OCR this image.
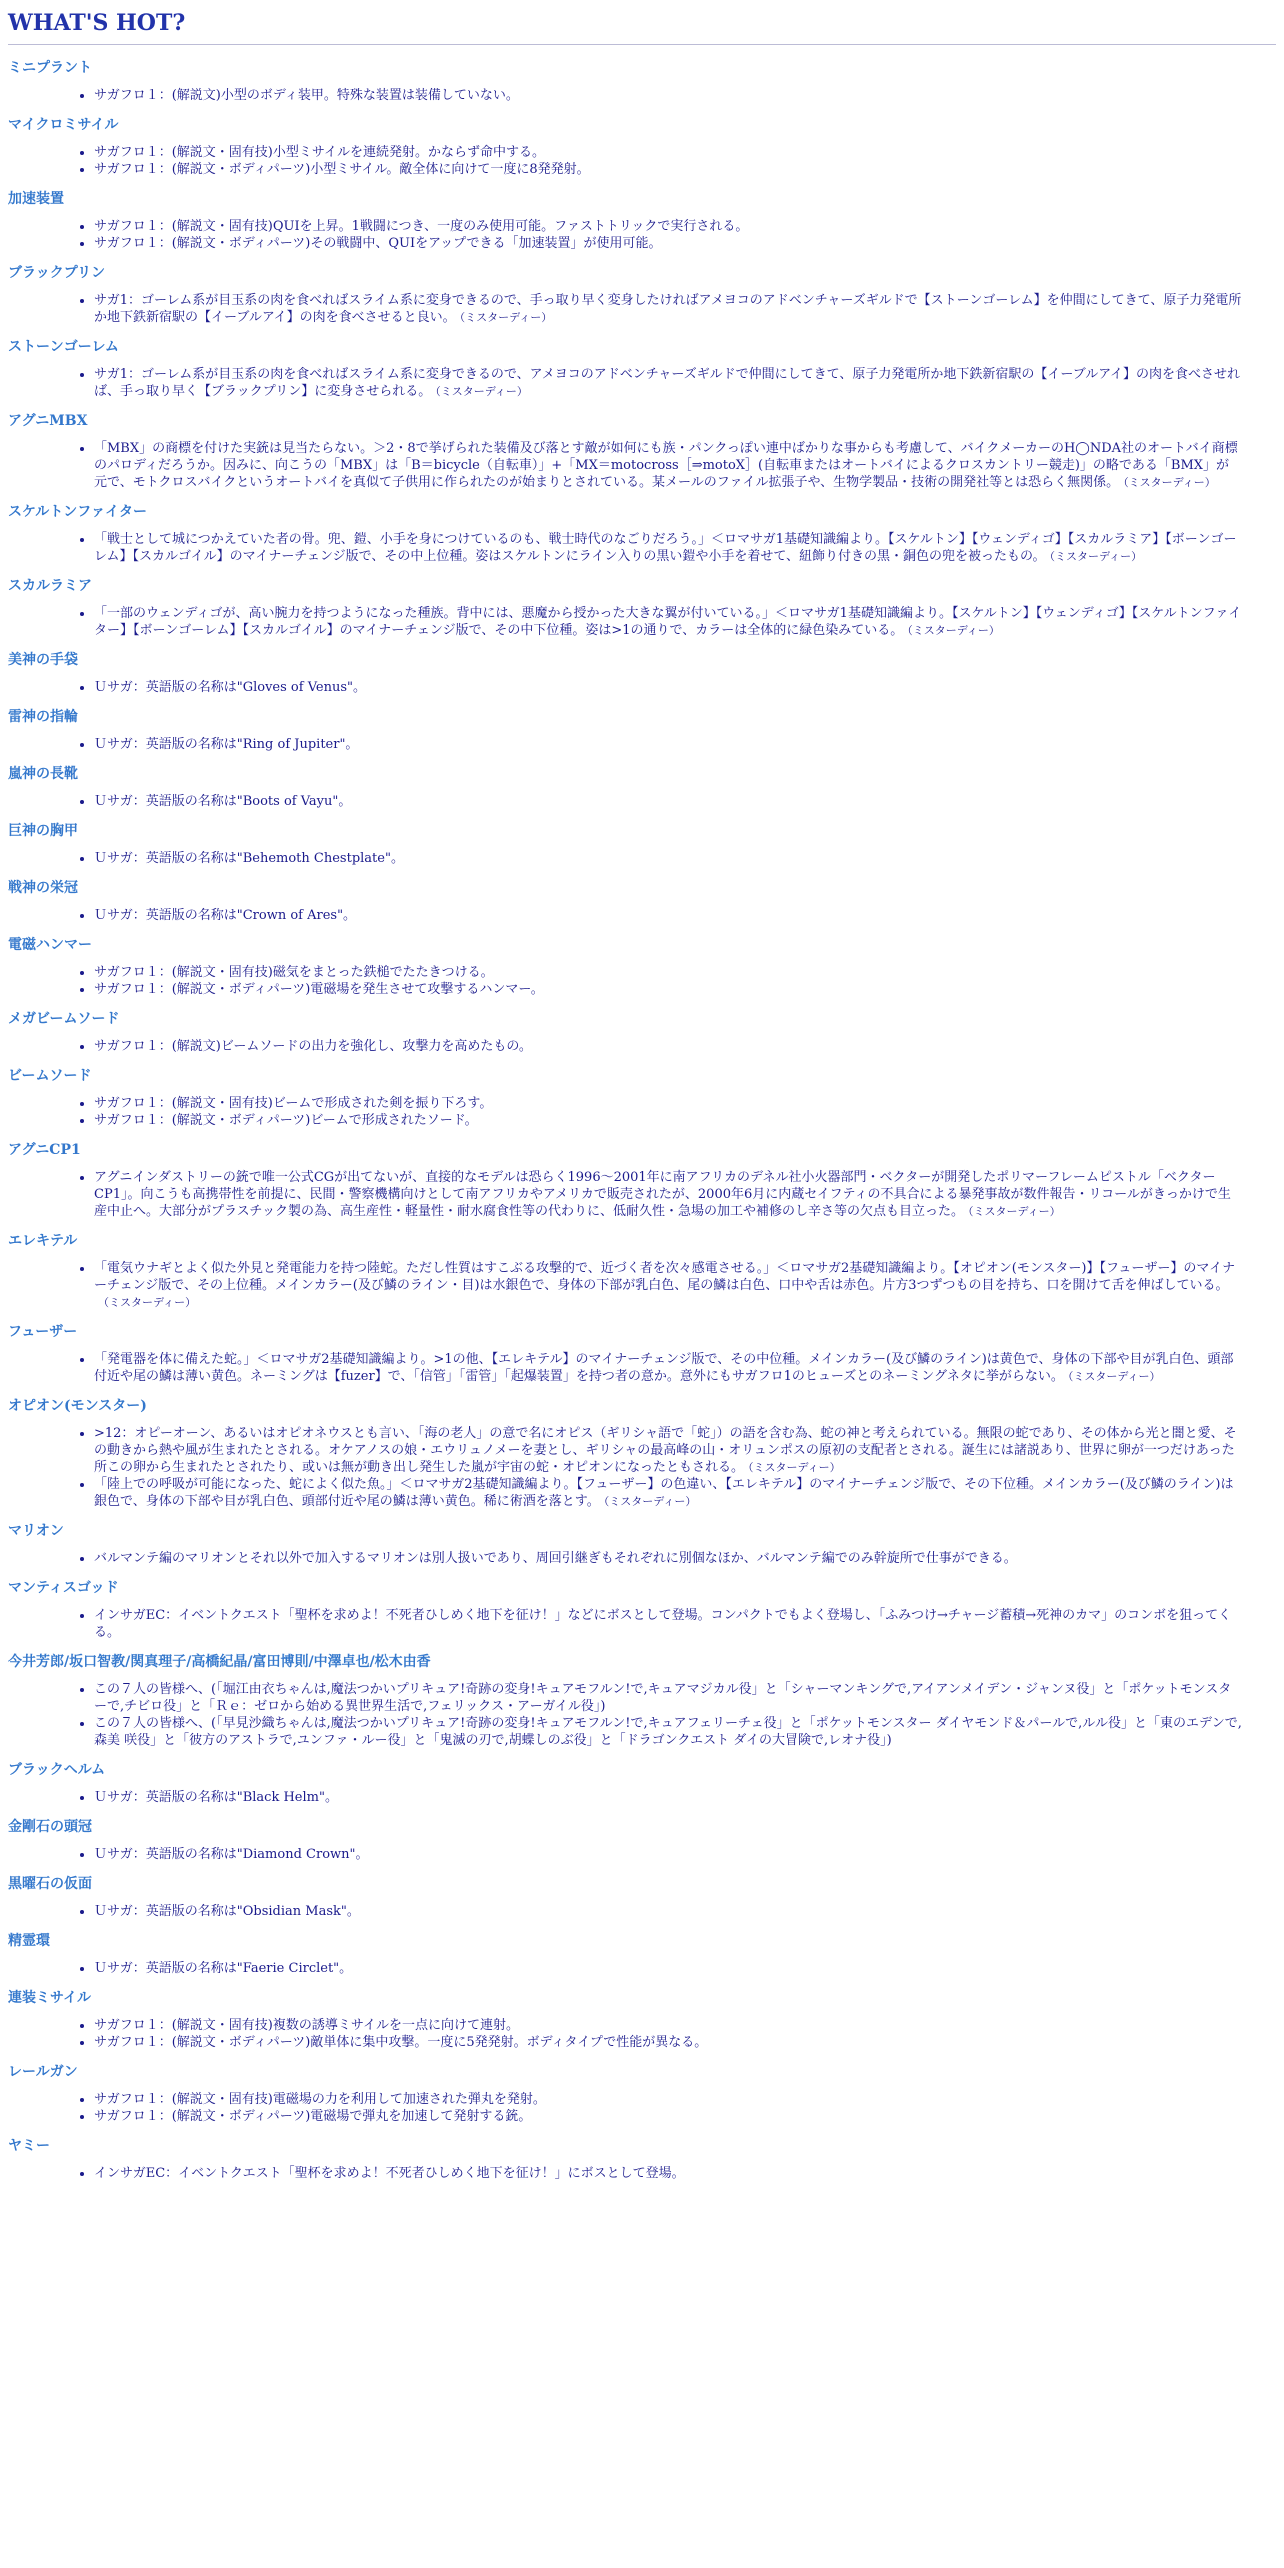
WHAT'S HOT?
ミニプラント
• サガフロ１：(解説文)小型のボディ装甲。特殊な装置は装備していない。
マイクロミサイル
• サガフロ１：(解説文・固有技)小型ミサイルを連続発射。かならず命中する。
• サガフロ１：(解説文・ボディパーツ)小型ミサイル。敵全体に向けて一度に8発発射。
加速装置
• サガフロ１：(解説文・固有技)QUIを上昇。1戦闘につき、一度のみ使用可能。ファストトリックで実行される。
• サガフロ１：(解説文・ボディパーツ)その戦闘中、QUIをアップできる「加速装置」が使用可能。
ブラックプリン
• サガ1：ゴーレム系が目玉系の肉を食べればスライム系に変身できるので、手っ取り早く変身したければアメヨコのアドベンチャーズギルドで【ストーンゴーレム】を仲間にしてきて、原子力発電所か地下鉄新宿駅の【イーブルアイ】の肉を食べさせると良い。 （ミスターディー）
ストーンゴーレム
• サガ1：ゴーレム系が目玉系の肉を食べればスライム系に変身できるので、アメヨコのアドベンチャーズギルドで仲間にしてきて、原子力発電所か地下鉄新宿駅の【イーブルアイ】の肉を食べさせれば、手っ取り早く【ブラックプリン】に変身させられる。 （ミスターディー）
アグニMBX
• 「MBX」の商標を付けた実銃は見当たらない。＞2・8で挙げられた装備及び落とす敵が如何にも族・パンクっぽい連中ばかりな事からも考慮して、バイクメーカーのH◯NDA社のオートバイ商標のパロディだろうか。因みに、向こうの「MBX」は「B＝bicycle（自転車）」+「MX＝motocross［⇒motoX］(自転車またはオートバイによるクロスカントリー競走)」の略である「BMX」が元で、モトクロスバイクというオートバイを真似て子供用に作られたのが始まりとされている。某メールのファイル拡張子や、生物学製品・技術の開発社等とは恐らく無関係。 （ミスターディー）
スケルトンファイター
• 「戦士として城につかえていた者の骨。兜、鎧、小手を身につけているのも、戦士時代のなごりだろう。」＜ロマサガ1基礎知識編より。【スケルトン】【ウェンディゴ】【スカルラミア】【ボーンゴーレム】【スカルゴイル】のマイナーチェンジ版で、その中上位種。姿はスケルトンにライン入りの黒い鎧や小手を着せて、紐飾り付きの黒・銅色の兜を被ったもの。 （ミスターディー）
スカルラミア
• 「一部のウェンディゴが、高い腕力を持つようになった種族。背中には、悪魔から授かった大きな翼が付いている。」＜ロマサガ1基礎知識編より。【スケルトン】【ウェンディゴ】【スケルトンファイター】【ボーンゴーレム】【スカルゴイル】のマイナーチェンジ版で、その中下位種。姿は>1の通りで、カラーは全体的に緑色染みている。 （ミスターディー）
美神の手袋
• Ｕサガ：英語版の名称は"Gloves of Venus"。
雷神の指輪
• Ｕサガ：英語版の名称は"Ring of Jupiter"。
嵐神の長靴
• Ｕサガ：英語版の名称は"Boots of Vayu"。
巨神の胸甲
• Ｕサガ：英語版の名称は"Behemoth Chestplate"。
戦神の栄冠
• Ｕサガ：英語版の名称は"Crown of Ares"。
電磁ハンマー
• サガフロ１：(解説文・固有技)磁気をまとった鉄槌でたたきつける。
• サガフロ１：(解説文・ボディパーツ)電磁場を発生させて攻撃するハンマー。
メガビームソード
• サガフロ１：(解説文)ビームソードの出力を強化し、攻撃力を高めたもの。
ビームソード
• サガフロ１：(解説文・固有技)ビームで形成された剣を振り下ろす。
• サガフロ１：(解説文・ボディパーツ)ビームで形成されたソード。
アグニCP1
• アグニインダストリーの銃で唯一公式CGが出てないが、直接的なモデルは恐らく1996～2001年に南アフリカのデネル社小火器部門・ベクターが開発したポリマーフレームピストル「ベクターCP1」。向こうも高携帯性を前提に、民間・警察機構向けとして南アフリカやアメリカで販売されたが、2000年6月に内蔵セイフティの不具合による暴発事故が数件報告・リコールがきっかけで生産中止へ。大部分がプラスチック製の為、高生産性・軽量性・耐水腐食性等の代わりに、低耐久性・急場の加工や補修のし辛さ等の欠点も目立った。 （ミスターディー）
エレキテル
• 「電気ウナギとよく似た外見と発電能力を持つ陸蛇。ただし性質はすこぶる攻撃的で、近づく者を次々感電させる。」＜ロマサガ2基礎知識編より。【オピオン(モンスター)】【フューザー】のマイナーチェンジ版で、その上位種。メインカラー(及び鱗のライン・目)は水銀色で、身体の下部が乳白色、尾の鱗は白色、口中や舌は赤色。片方3つずつもの目を持ち、口を開けて舌を伸ばしている。（ミスターディー）
フューザー
• 「発電器を体に備えた蛇。」＜ロマサガ2基礎知識編より。>1の他、【エレキテル】のマイナーチェンジ版で、その中位種。メインカラー(及び鱗のライン)は黄色で、身体の下部や目が乳白色、頭部付近や尾の鱗は薄い黄色。ネーミングは【fuzer】で、「信管」「雷管」「起爆装置」を持つ者の意か。意外にもサガフロ1のヒューズとのネーミングネタに挙がらない。 （ミスターディー）
オピオン(モンスター)
• >12：オピーオーン、あるいはオピオネウスとも言い、「海の老人」の意で名にオピス（ギリシャ語で「蛇」）の語を含む為、蛇の神と考えられている。無限の蛇であり、その体から光と闇と愛、その動きから熱や風が生まれたとされる。オケアノスの娘・エウリュノメーを妻とし、ギリシャの最高峰の山・オリュンポスの原初の支配者とされる。誕生には諸説あり、世界に卵が一つだけあった所この卵から生まれたとされたり、或いは無が動き出し発生した嵐が宇宙の蛇・オピオンになったともされる。 （ミスターディー）
• 「陸上での呼吸が可能になった、蛇によく似た魚。」＜ロマサガ2基礎知識編より。【フューザー】の色違い、【エレキテル】のマイナーチェンジ版で、その下位種。メインカラー(及び鱗のライン)は銀色で、身体の下部や目が乳白色、頭部付近や尾の鱗は薄い黄色。稀に術酒を落とす。 （ミスターディー）
マリオン
• バルマンテ編のマリオンとそれ以外で加入するマリオンは別人扱いであり、周回引継ぎもそれぞれに別個なほか、バルマンテ編でのみ幹旋所で仕事ができる。
マンティスゴッド
• インサガEC：イベントクエスト「聖杯を求めよ！不死者ひしめく地下を征け！」などにボスとして登場。コンパクトでもよく登場し、「ふみつけ→チャージ蓄積→死神のカマ」のコンボを狙ってくる。
今井芳郎/坂口智教/関真理子/高橋紀晶/富田博則/中澤卓也/松木由香
• この７人の皆様へ、(「堀江由衣ちゃんは,魔法つかいプリキュア!奇跡の変身!キュアモフルン!で,キュアマジカル役」と「シャーマンキングで,アイアンメイデン・ジャンヌ役」と「ポケットモンスターで,チビロ役」と「Ｒｅ：ゼロから始める異世界生活で,フェリックス・アーガイル役」)
• この７人の皆様へ、(「早見沙織ちゃんは,魔法つかいプリキュア!奇跡の変身!キュアモフルン!で,キュアフェリーチェ役」と「ポケットモンスター ダイヤモンド＆パールで,ルル役」と「東のエデンで,森美 咲役」と「彼方のアストラで,ユンファ・ルー役」と「鬼滅の刃で,胡蝶しのぶ役」と「ドラゴンクエスト ダイの大冒険で,レオナ役」)
ブラックヘルム
• Ｕサガ：英語版の名称は"Black Helm"。
金剛石の頭冠
• Ｕサガ：英語版の名称は"Diamond Crown"。
黒曜石の仮面
• Ｕサガ：英語版の名称は"Obsidian Mask"。
精霊環
• Ｕサガ：英語版の名称は"Faerie Circlet"。
連装ミサイル
• サガフロ１：(解説文・固有技)複数の誘導ミサイルを一点に向けて連射。
• サガフロ１：(解説文・ボディパーツ)敵単体に集中攻撃。一度に5発発射。ボディタイプで性能が異なる。
レールガン
• サガフロ１：(解説文・固有技)電磁場の力を利用して加速された弾丸を発射。
• サガフロ１：(解説文・ボディパーツ)電磁場で弾丸を加速して発射する銃。
ヤミー
• インサガEC：イベントクエスト「聖杯を求めよ！不死者ひしめく地下を征け！」にボスとして登場。
